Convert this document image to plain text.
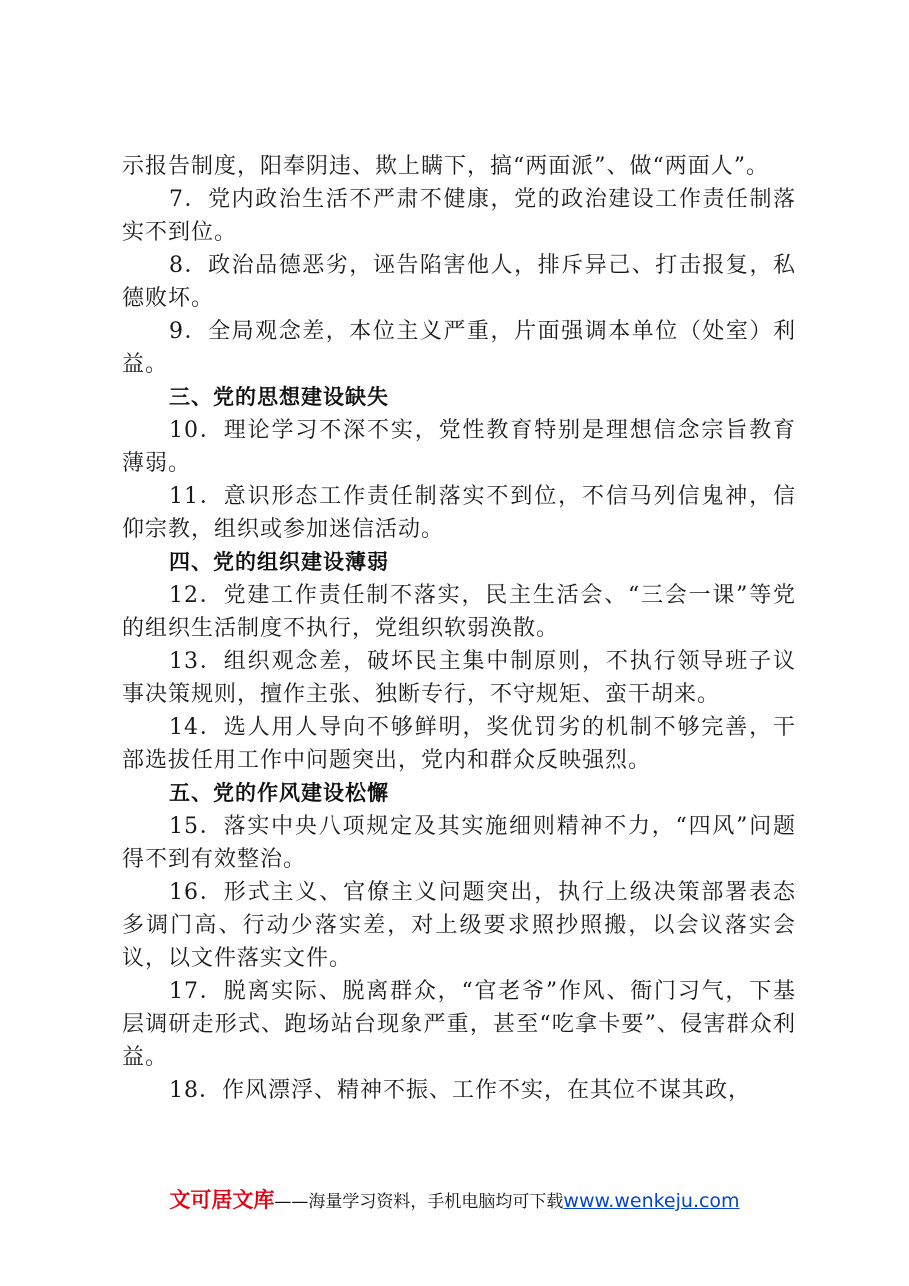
示报告制度，阳奉阴违、欺上瞒下，搞“两面派”、做“两面人”。

7．党内政治生活不严肃不健康，党的政治建设工作责任制落实不到位。

8．政治品德恶劣，诬告陷害他人，排斥异己、打击报复，私德败坏。

9．全局观念差，本位主义严重，片面强调本单位（处室）利益。

三、党的思想建设缺失

10．理论学习不深不实，党性教育特别是理想信念宗旨教育薄弱。

11．意识形态工作责任制落实不到位，不信马列信鬼神，信仰宗教，组织或参加迷信活动。

四、党的组织建设薄弱

12．党建工作责任制不落实，民主生活会、“三会一课”等党的组织生活制度不执行，党组织软弱涣散。

13．组织观念差，破坏民主集中制原则，不执行领导班子议事决策规则，擅作主张、独断专行，不守规矩、蛮干胡来。

14．选人用人导向不够鲜明，奖优罚劣的机制不够完善，干部选拔任用工作中问题突出，党内和群众反映强烈。

五、党的作风建设松懈

15．落实中央八项规定及其实施细则精神不力，“四风”问题得不到有效整治。

16．形式主义、官僚主义问题突出，执行上级决策部署表态多调门高、行动少落实差，对上级要求照抄照搬，以会议落实会议，以文件落实文件。

17．脱离实际、脱离群众，“官老爷”作风、衙门习气，下基层调研走形式、跑场站台现象严重，甚至“吃拿卡要”、侵害群众利益。

18．作风漂浮、精神不振、工作不实，在其位不谋其政，

文可居文库——海量学习资料，手机电脑均可下载www.wenkeju.com
